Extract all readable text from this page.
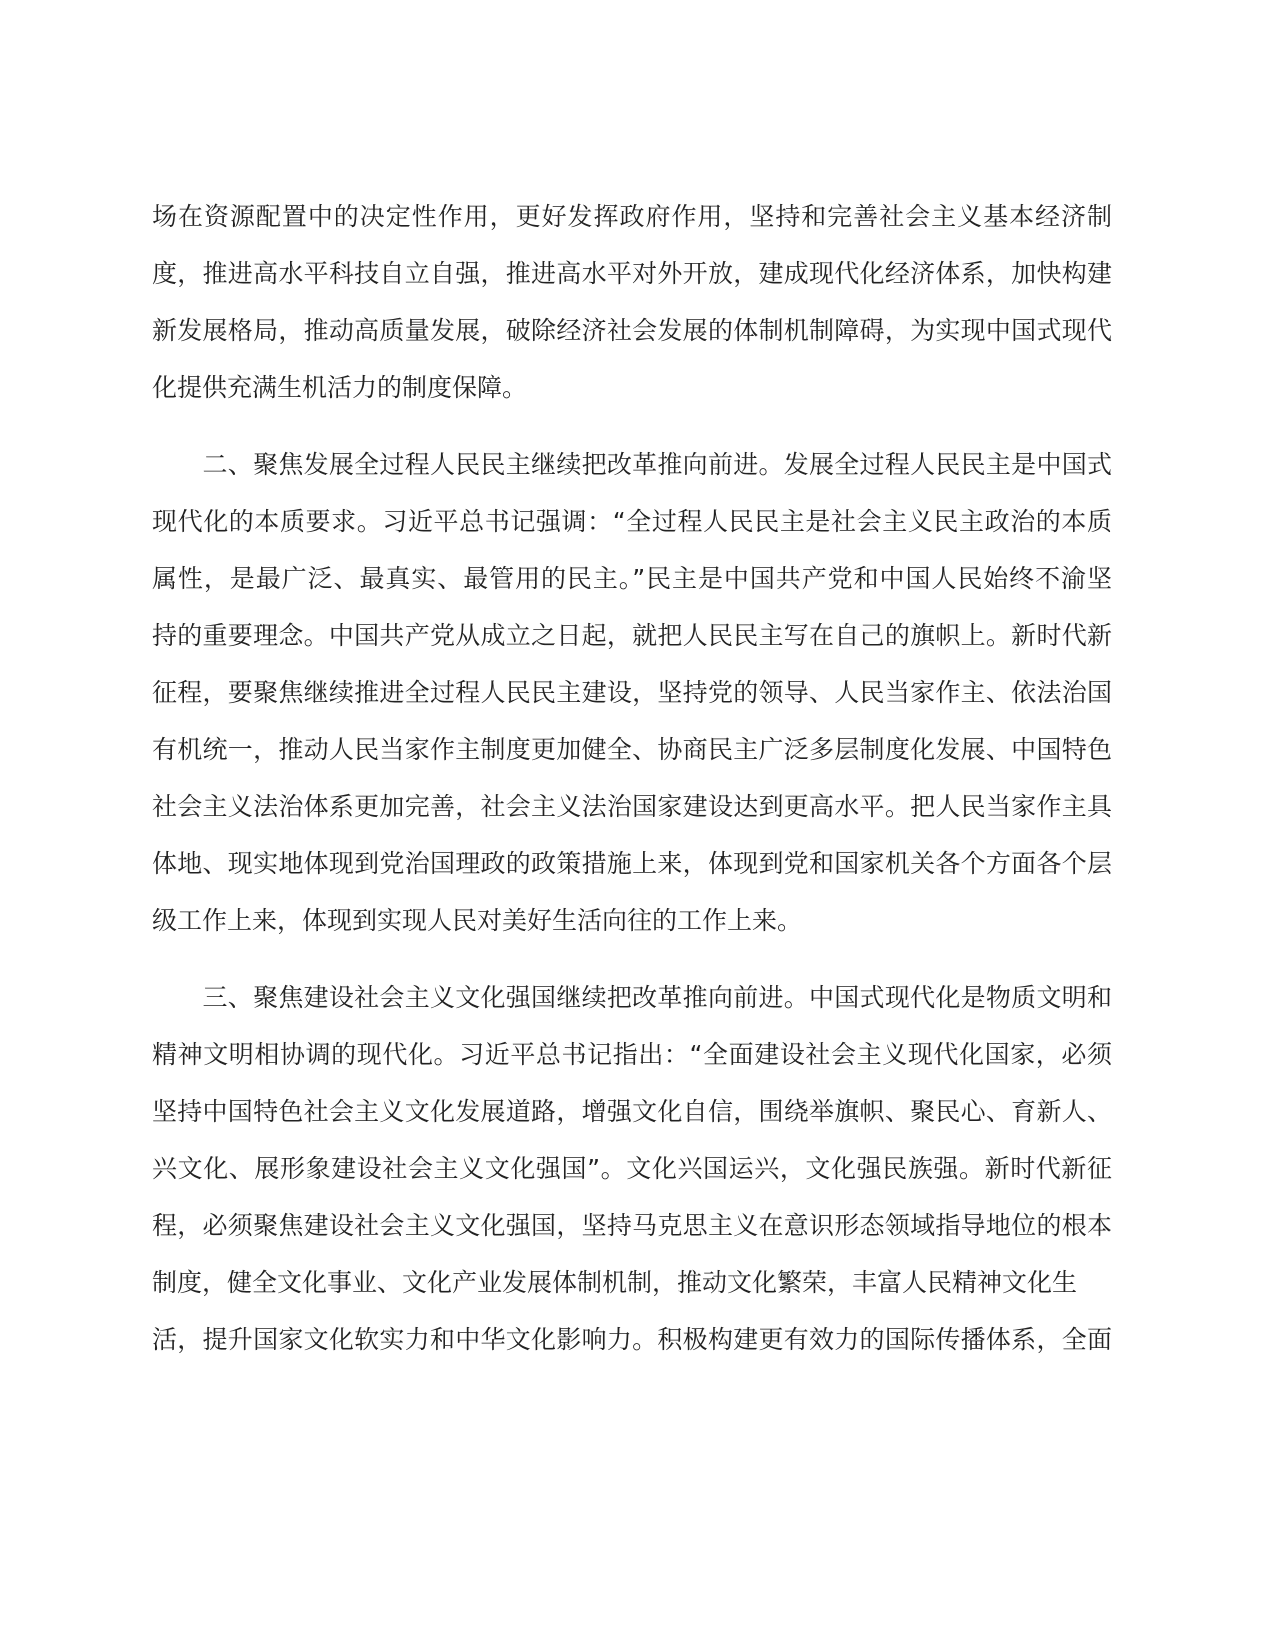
场在资源配置中的决定性作用，更好发挥政府作用，坚持和完善社会主义基本经济制
度，推进高水平科技自立自强，推进高水平对外开放，建成现代化经济体系，加快构建
新发展格局，推动高质量发展，破除经济社会发展的体制机制障碍，为实现中国式现代
化提供充满生机活力的制度保障。
　　二、聚焦发展全过程人民民主继续把改革推向前进。发展全过程人民民主是中国式
现代化的本质要求。习近平总书记强调：“全过程人民民主是社会主义民主政治的本质
属性，是最广泛、最真实、最管用的民主。”民主是中国共产党和中国人民始终不渝坚
持的重要理念。中国共产党从成立之日起，就把人民民主写在自己的旗帜上。新时代新
征程，要聚焦继续推进全过程人民民主建设，坚持党的领导、人民当家作主、依法治国
有机统一，推动人民当家作主制度更加健全、协商民主广泛多层制度化发展、中国特色
社会主义法治体系更加完善，社会主义法治国家建设达到更高水平。把人民当家作主具
体地、现实地体现到党治国理政的政策措施上来，体现到党和国家机关各个方面各个层
级工作上来，体现到实现人民对美好生活向往的工作上来。
　　三、聚焦建设社会主义文化强国继续把改革推向前进。中国式现代化是物质文明和
精神文明相协调的现代化。习近平总书记指出：“全面建设社会主义现代化国家，必须
坚持中国特色社会主义文化发展道路，增强文化自信，围绕举旗帜、聚民心、育新人、
兴文化、展形象建设社会主义文化强国”。文化兴国运兴，文化强民族强。新时代新征
程，必须聚焦建设社会主义文化强国，坚持马克思主义在意识形态领域指导地位的根本
制度，健全文化事业、文化产业发展体制机制，推动文化繁荣，丰富人民精神文化生
活，提升国家文化软实力和中华文化影响力。积极构建更有效力的国际传播体系，全面
